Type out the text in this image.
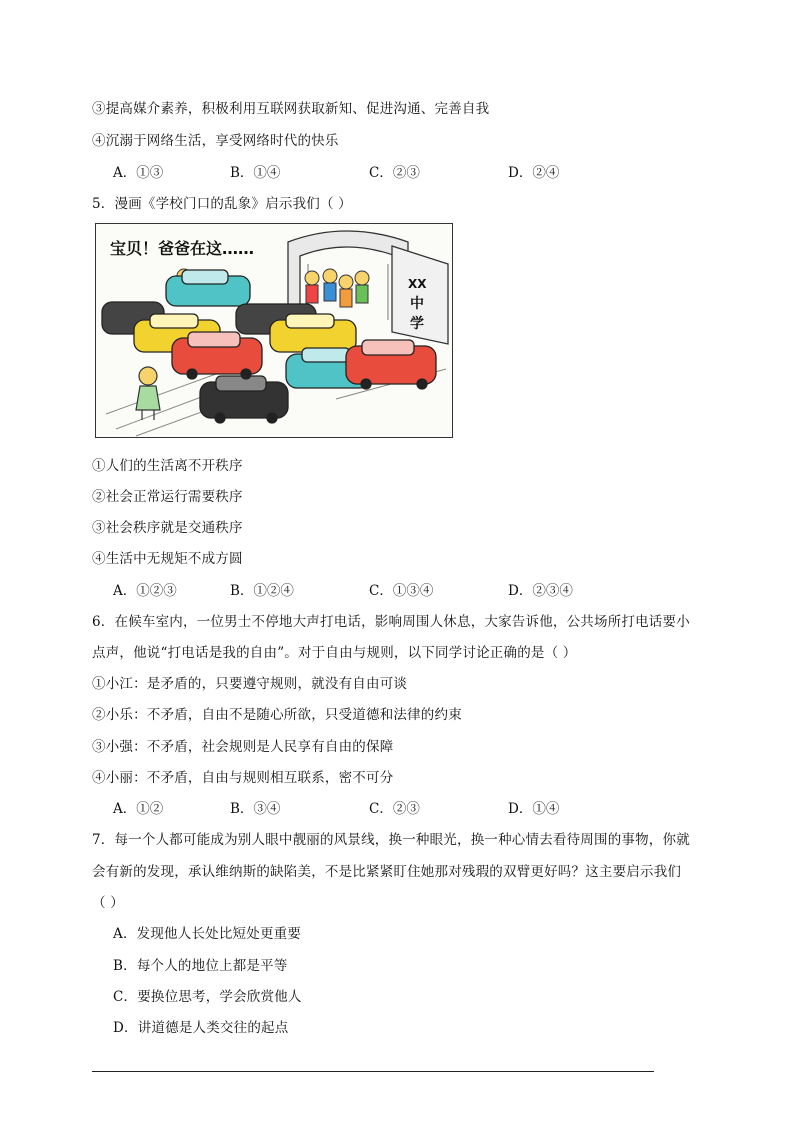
③提高媒介素养，积极利用互联网获取新知、促进沟通、完善自我
④沉溺于网络生活，享受网络时代的快乐
A．①③	B．①④	C．②③	D．②④
5．漫画《学校门口的乱象》启示我们（ ）
宝贝！爸爸在这……
XX
中
学
①人们的生活离不开秩序
②社会正常运行需要秩序
③社会秩序就是交通秩序
④生活中无规矩不成方圆
A．①②③	B．①②④	C．①③④	D．②③④
6．在候车室内，一位男士不停地大声打电话，影响周围人休息，大家告诉他，公共场所打电话要小
点声，他说“打电话是我的自由”。对于自由与规则，以下同学讨论正确的是（ ）
①小江：是矛盾的，只要遵守规则，就没有自由可谈
②小乐：不矛盾，自由不是随心所欲，只受道德和法律的约束
③小强：不矛盾，社会规则是人民享有自由的保障
④小丽：不矛盾，自由与规则相互联系，密不可分
A．①②	B．③④	C．②③	D．①④
7．每一个人都可能成为别人眼中靓丽的风景线，换一种眼光，换一种心情去看待周围的事物，你就
会有新的发现，承认维纳斯的缺陷美，不是比紧紧盯住她那对残瑕的双臂更好吗？这主要启示我们
（ ）
A．发现他人长处比短处更重要
B．每个人的地位上都是平等
C．要换位思考，学会欣赏他人
D．讲道德是人类交往的起点
